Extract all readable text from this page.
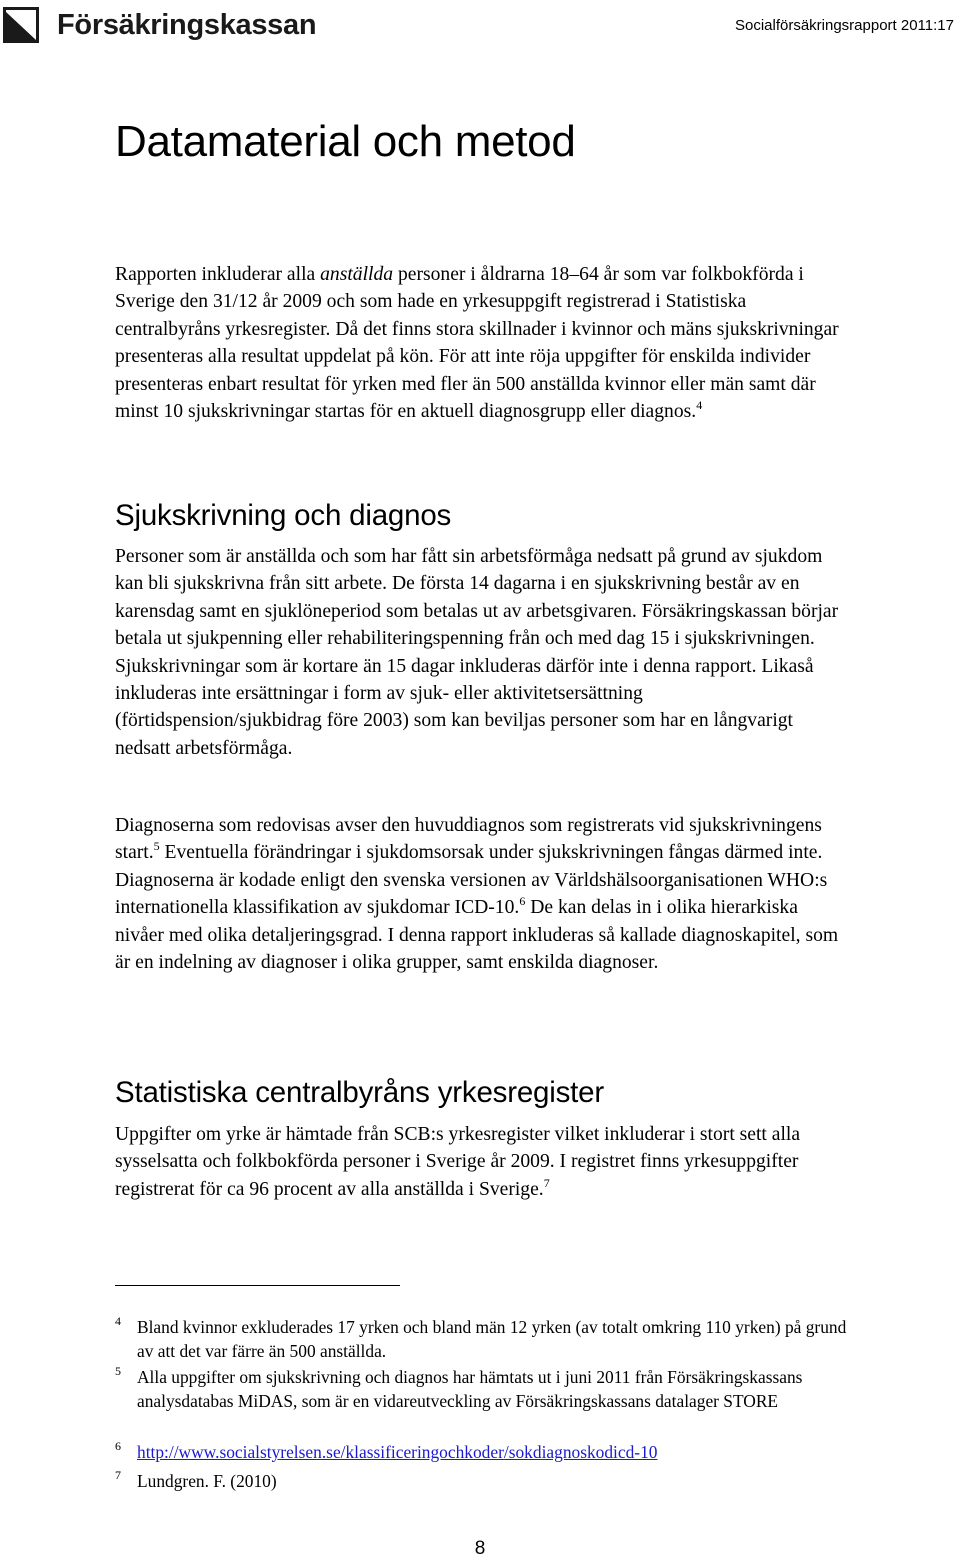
Försäkringskassan	Socialförsäkringsrapport 2011:17
Datamaterial och metod

Rapporten inkluderar alla anställda personer i åldrarna 18–64 år som var folkbokförda i Sverige den 31/12 år 2009 och som hade en yrkesuppgift registrerad i Statistiska centralbyråns yrkesregister. Då det finns stora skillnader i kvinnor och mäns sjukskrivningar presenteras alla resultat uppdelat på kön. För att inte röja uppgifter för enskilda individer presenteras enbart resultat för yrken med fler än 500 anställda kvinnor eller män samt där minst 10 sjukskrivningar startas för en aktuell diagnosgrupp eller diagnos.$^4$

Sjukskrivning och diagnos

Personer som är anställda och som har fått sin arbetsförmåga nedsatt på grund av sjukdom kan bli sjukskrivna från sitt arbete. De första 14 dagarna i en sjukskrivning består av en karensdag samt en sjuklöneperiod som betalas ut av arbetsgivaren. Försäkringskassan börjar betala ut sjukpenning eller rehabiliteringspenning från och med dag 15 i sjukskrivningen. Sjukskrivningar som är kortare än 15 dagar inkluderas därför inte i denna rapport. Likaså inkluderas inte ersättningar i form av sjuk- eller aktivitetsersättning (förtidspension/sjukbidrag före 2003) som kan beviljas personer som har en långvarigt nedsatt arbetsförmåga.

Diagnoserna som redovisas avser den huvuddiagnos som registrerats vid sjukskrivningens start.$^5$ Eventuella förändringar i sjukdomsorsak under sjukskrivningen fångas därmed inte. Diagnoserna är kodade enligt den svenska versionen av Världshälsoorganisationen WHO:s internationella klassifikation av sjukdomar ICD-10.$^6$ De kan delas in i olika hierarkiska nivåer med olika detaljeringsgrad. I denna rapport inkluderas så kallade diagnoskapitel, som är en indelning av diagnoser i olika grupper, samt enskilda diagnoser.

Statistiska centralbyråns yrkesregister

Uppgifter om yrke är hämtade från SCB:s yrkesregister vilket inkluderar i stort sett alla sysselsatta och folkbokförda personer i Sverige år 2009. I registret finns yrkesuppgifter registrerat för ca 96 procent av alla anställda i Sverige.$^7$

4 Bland kvinnor exkluderades 17 yrken och bland män 12 yrken (av totalt omkring 110 yrken) på grund av att det var färre än 500 anställda.
5 Alla uppgifter om sjukskrivning och diagnos har hämtats ut i juni 2011 från Försäkringskassans analysdatabas MiDAS, som är en vidareutveckling av Försäkringskassans datalager STORE
6 http://www.socialstyrelsen.se/klassificeringochkoder/sokdiagnoskodicd-10
7 Lundgren. F. (2010)
8
